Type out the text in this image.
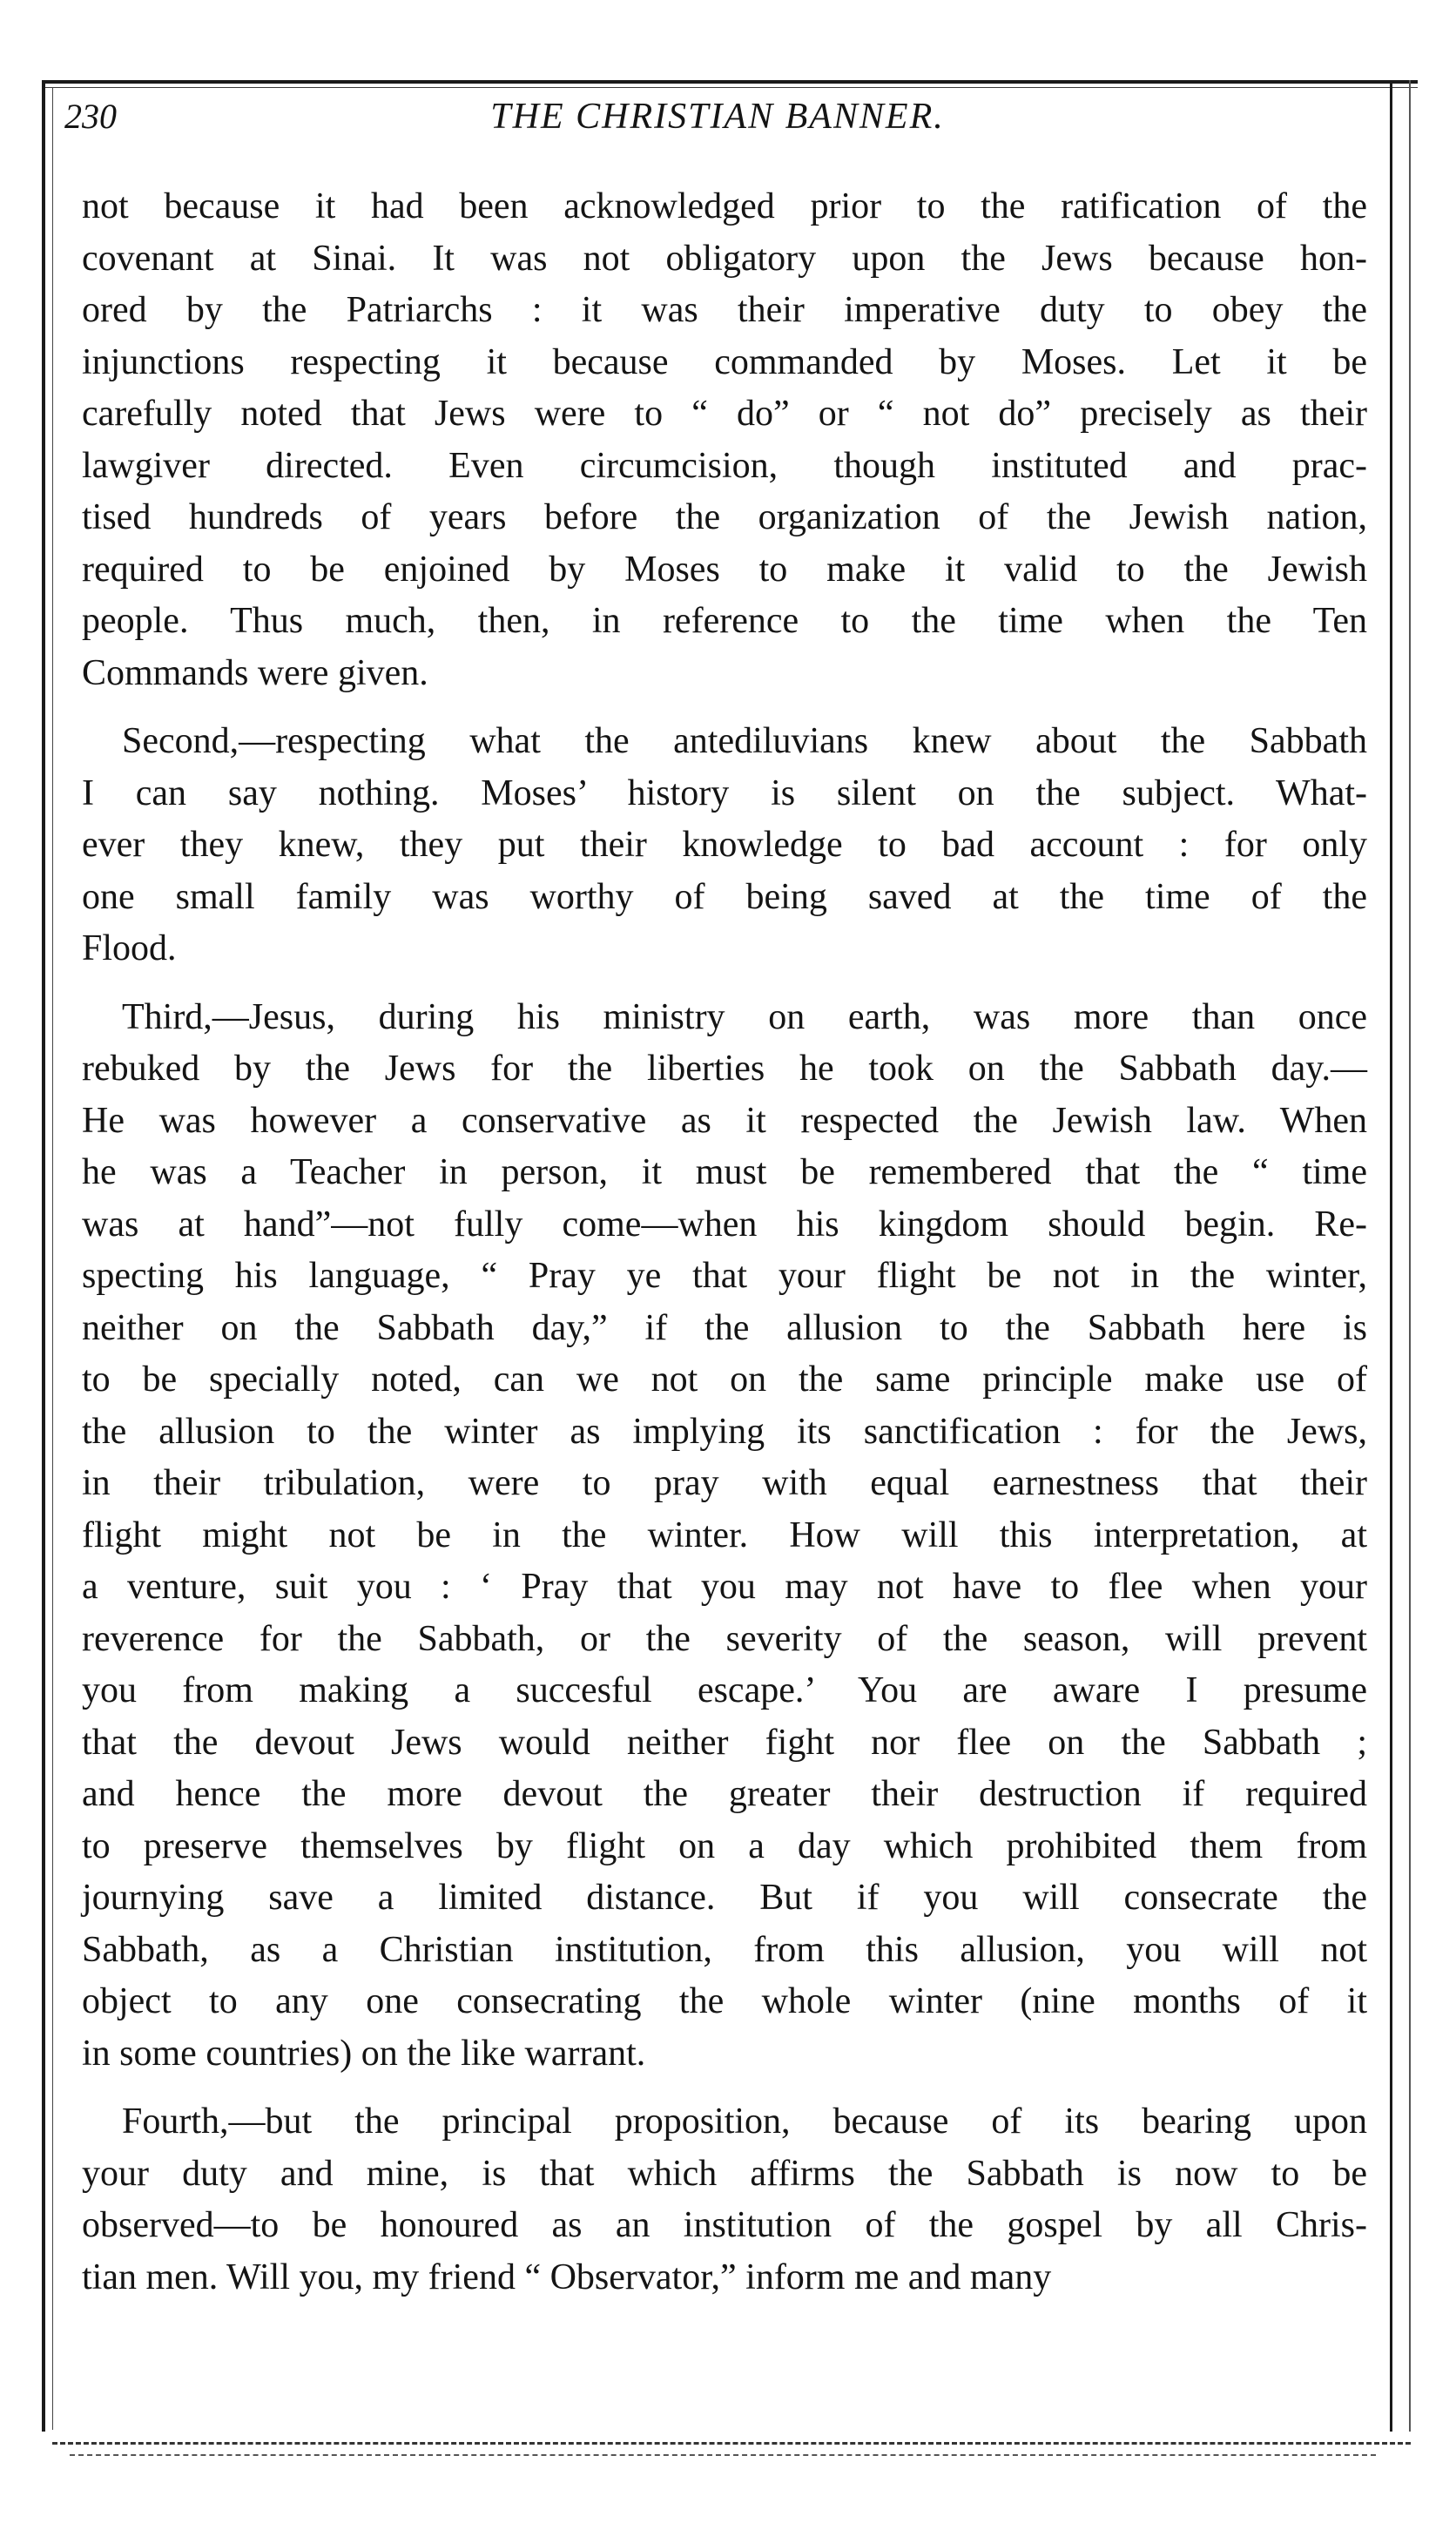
230	THE CHRISTIAN BANNER.
not because it had been acknowledged prior to the ratification of the
covenant at Sinai. It was not obligatory upon the Jews because hon-
ored by the Patriarchs : it was their imperative duty to obey the
injunctions respecting it because commanded by Moses. Let it be
carefully noted that Jews were to “ do” or “ not do” precisely as their
lawgiver directed. Even circumcision, though instituted and prac-
tised hundreds of years before the organization of the Jewish nation,
required to be enjoined by Moses to make it valid to the Jewish
people. Thus much, then, in reference to the time when the Ten
Commands were given.
Second,—respecting what the antediluvians knew about the Sabbath
I can say nothing. Moses’ history is silent on the subject. What-
ever they knew, they put their knowledge to bad account : for only
one small family was worthy of being saved at the time of the
Flood.
Third,—Jesus, during his ministry on earth, was more than once
rebuked by the Jews for the liberties he took on the Sabbath day.—
He was however a conservative as it respected the Jewish law. When
he was a Teacher in person, it must be remembered that the “ time
was at hand”—not fully come—when his kingdom should begin. Re-
specting his language, “ Pray ye that your flight be not in the winter,
neither on the Sabbath day,” if the allusion to the Sabbath here is
to be specially noted, can we not on the same principle make use of
the allusion to the winter as implying its sanctification : for the Jews,
in their tribulation, were to pray with equal earnestness that their
flight might not be in the winter. How will this interpretation, at
a venture, suit you : ‘ Pray that you may not have to flee when your
reverence for the Sabbath, or the severity of the season, will prevent
you from making a succesful escape.’ You are aware I presume
that the devout Jews would neither fight nor flee on the Sabbath ;
and hence the more devout the greater their destruction if required
to preserve themselves by flight on a day which prohibited them from
journying save a limited distance. But if you will consecrate the
Sabbath, as a Christian institution, from this allusion, you will not
object to any one consecrating the whole winter (nine months of it
in some countries) on the like warrant.
Fourth,—but the principal proposition, because of its bearing upon
your duty and mine, is that which affirms the Sabbath is now to be
observed—to be honoured as an institution of the gospel by all Chris-
tian men. Will you, my friend “ Observator,” inform me and many
